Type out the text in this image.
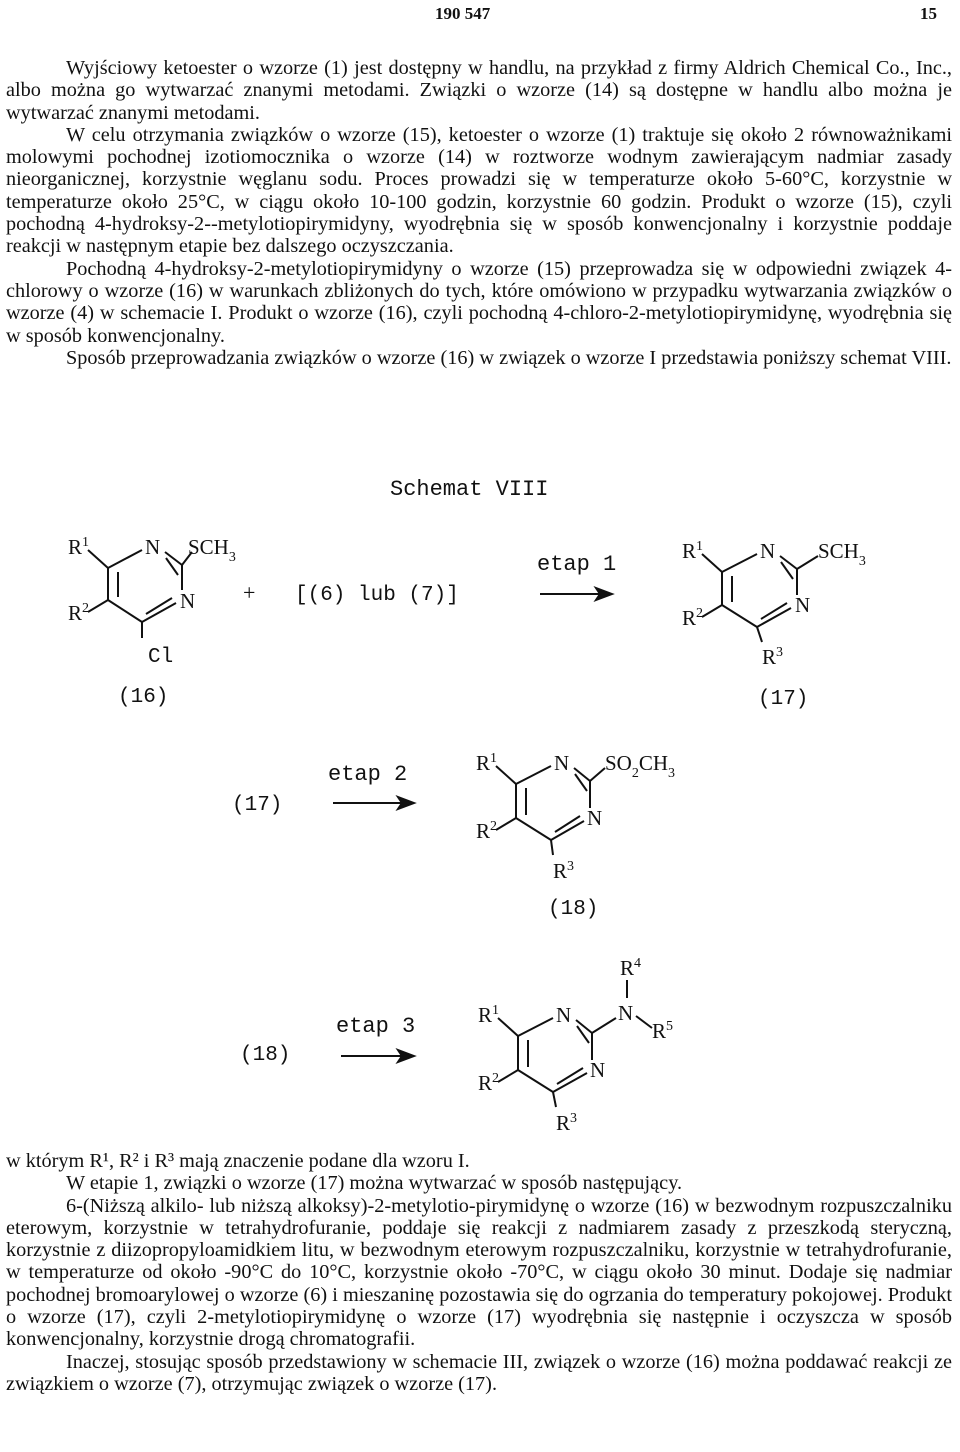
190 547	15

Wyjściowy ketoester o wzorze (1) jest dostępny w handlu, na przykład z firmy Aldrich Chemical Co., Inc., albo można go wytwarzać znanymi metodami. Związki o wzorze (14) są dostępne w handlu albo można je wytwarzać znanymi metodami.

W celu otrzymania związków o wzorze (15), ketoester o wzorze (1) traktuje się około 2 równoważnikami molowymi pochodnej izotiomocznika o wzorze (14) w roztworze wodnym zawierającym nadmiar zasady nieorganicznej, korzystnie węglanu sodu. Proces prowadzi się w temperaturze około 5-60°C, korzystnie w temperaturze około 25°C, w ciągu około 10-100 godzin, korzystnie 60 godzin. Produkt o wzorze (15), czyli pochodną 4-hydroksy-2--metylotiopirymidyny, wyodrębnia się w sposób konwencjonalny i korzystnie poddaje reakcji w następnym etapie bez dalszego oczyszczania.

Pochodną 4-hydroksy-2-metylotiopirymidyny o wzorze (15) przeprowadza się w odpowiedni związek 4-chlorowy o wzorze (16) w warunkach zbliżonych do tych, które omówiono w przypadku wytwarzania związków o wzorze (4) w schemacie I. Produkt o wzorze (16), czyli pochodną 4-chloro-2-metylotiopirymidynę, wyodrębnia się w sposób konwencjonalny.

Sposób przeprowadzania związków o wzorze (16) w związek o wzorze I przedstawia poniższy schemat VIII.

Schemat VIII
$R^1$	N $SCH_3$
$R^2$	N
Cl
(16)
+ [(6) lub (7)]
etap 1
$R^1$	N $SCH_3$
$R^2$	N
$R^3$
(17)
(17)
etap 2	$R^1$	N $SO_2CH_3$
$R^2$	N
$R^3$
(18)
(18)
etap 3
$R^4$
$R^1$	N N
$R^5$
$R^2$	N
$R^3$

w którym R¹, R² i R³ mają znaczenie podane dla wzoru I.

W etapie 1, związki o wzorze (17) można wytwarzać w sposób następujący.

6-(Niższą alkilo- lub niższą alkoksy)-2-metylotio-pirymidynę o wzorze (16) w bezwodnym rozpuszczalniku eterowym, korzystnie w tetrahydrofuranie, poddaje się reakcji z nadmiarem zasady z przeszkodą steryczną, korzystnie z diizopropyloamidkiem litu, w bezwodnym eterowym rozpuszczalniku, korzystnie w tetrahydrofuranie, w temperaturze od około -90°C do 10°C, korzystnie około -70°C, w ciągu około 30 minut. Dodaje się nadmiar pochodnej bromoarylowej o wzorze (6) i mieszaninę pozostawia się do ogrzania do temperatury pokojowej. Produkt o wzorze (17), czyli 2-metylotiopirymidynę o wzorze (17) wyodrębnia się następnie i oczyszcza w sposób konwencjonalny, korzystnie drogą chromatografii.

Inaczej, stosując sposób przedstawiony w schemacie III, związek o wzorze (16) można poddawać reakcji ze związkiem o wzorze (7), otrzymując związek o wzorze (17).
